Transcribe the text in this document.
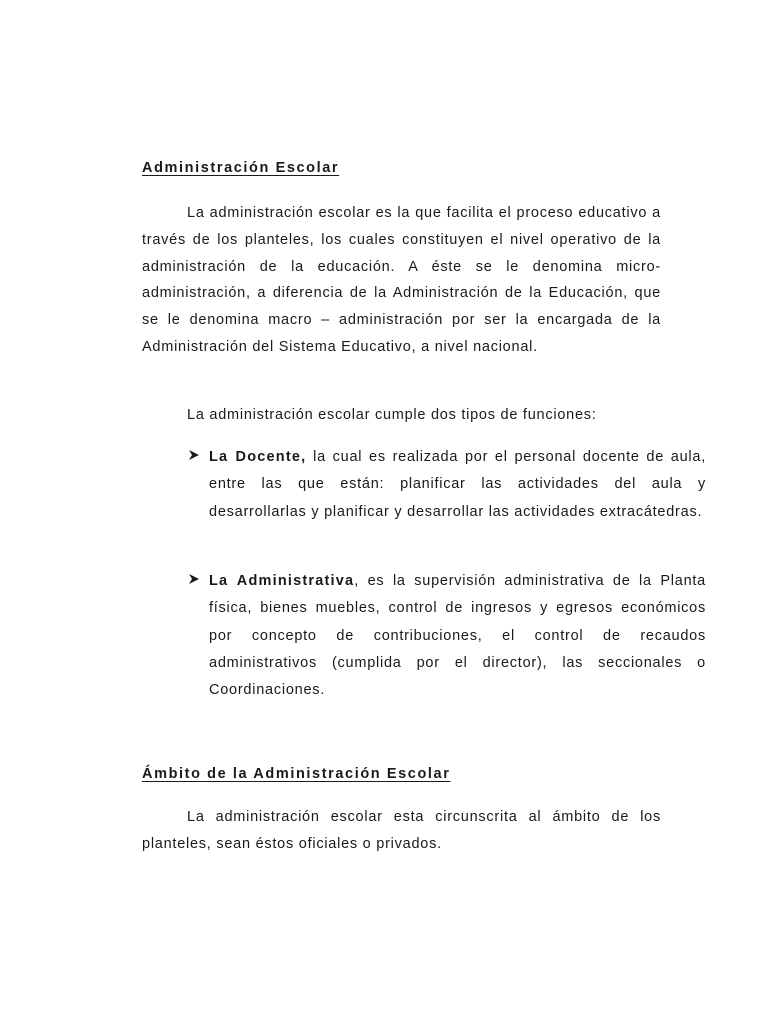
Administración Escolar

La administración escolar es la que facilita el proceso educativo a través de los planteles, los cuales constituyen el nivel operativo de la administración de la educación. A éste se le denomina micro-administración, a diferencia de la Administración de la Educación, que se le denomina macro – administración por ser la encargada de la Administración del Sistema Educativo, a nivel nacional.

La administración escolar cumple dos tipos de funciones:

La Docente, la cual es realizada por el personal docente de aula, entre las que están: planificar las actividades del aula y desarrollarlas y planificar y desarrollar las actividades extracátedras.

La Administrativa, es la supervisión administrativa de la Planta física, bienes muebles, control de ingresos y egresos económicos por concepto de contribuciones, el control de recaudos administrativos (cumplida por el director), las seccionales o Coordinaciones.

Ámbito de la Administración Escolar

La administración escolar esta circunscrita al ámbito de los planteles, sean éstos oficiales o privados.
